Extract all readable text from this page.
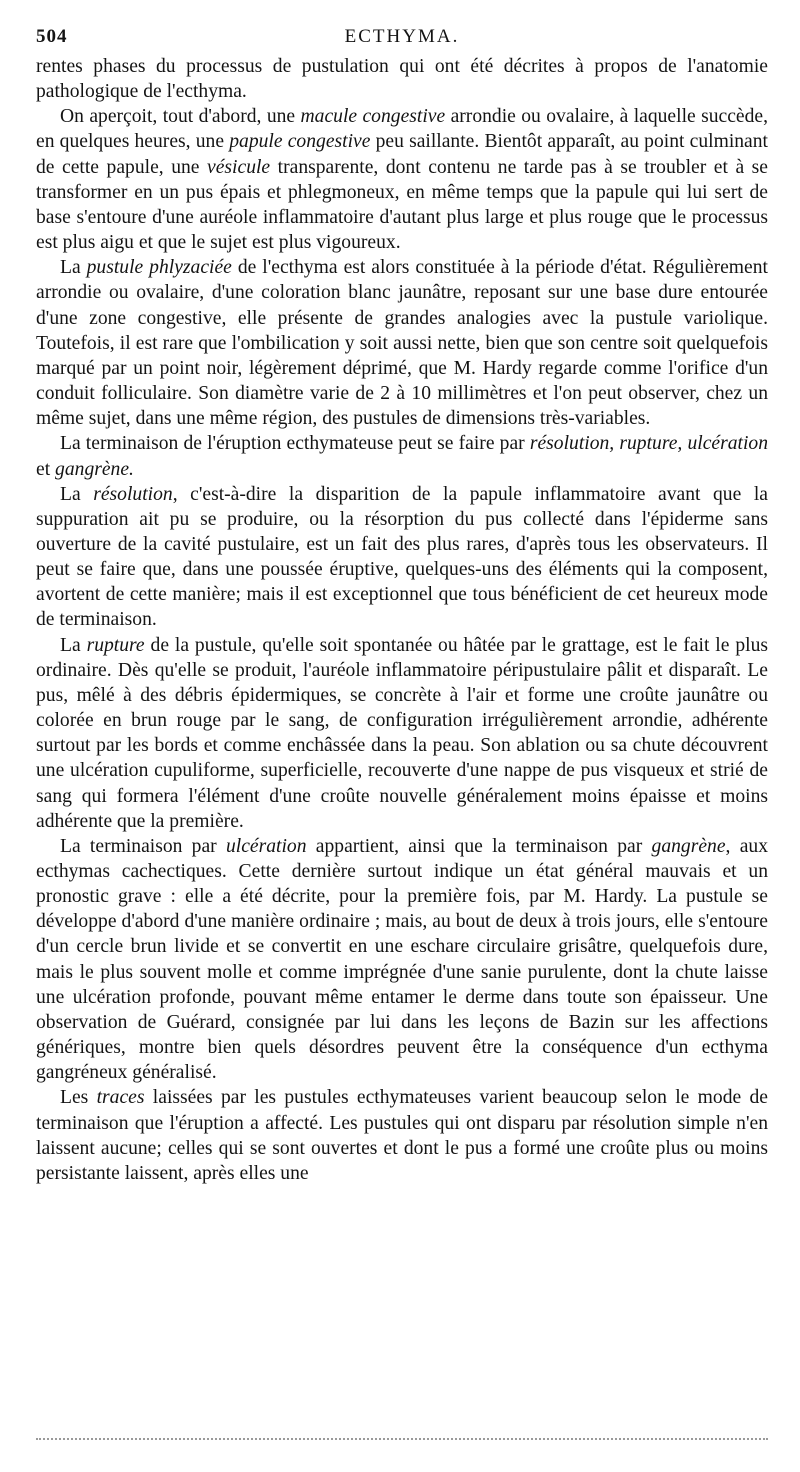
504	ECTHYMA.

rentes phases du processus de pustulation qui ont été décrites à propos de l'anatomie pathologique de l'ecthyma.

On aperçoit, tout d'abord, une macule congestive arrondie ou ovalaire, à laquelle succède, en quelques heures, une papule congestive peu saillante. Bientôt apparaît, au point culminant de cette papule, une vésicule transparente, dont contenu ne tarde pas à se troubler et à se transformer en un pus épais et phlegmoneux, en même temps que la papule qui lui sert de base s'entoure d'une auréole inflammatoire d'autant plus large et plus rouge que le processus est plus aigu et que le sujet est plus vigoureux.

La pustule phlyzaciée de l'ecthyma est alors constituée à la période d'état. Régulièrement arrondie ou ovalaire, d'une coloration blanc jaunâtre, reposant sur une base dure entourée d'une zone congestive, elle présente de grandes analogies avec la pustule variolique. Toutefois, il est rare que l'ombilication y soit aussi nette, bien que son centre soit quelquefois marqué par un point noir, légèrement déprimé, que M. Hardy regarde comme l'orifice d'un conduit folliculaire. Son diamètre varie de 2 à 10 millimètres et l'on peut observer, chez un même sujet, dans une même région, des pustules de dimensions très-variables.

La terminaison de l'éruption ecthymateuse peut se faire par résolution, rupture, ulcération et gangrène.

La résolution, c'est-à-dire la disparition de la papule inflammatoire avant que la suppuration ait pu se produire, ou la résorption du pus collecté dans l'épiderme sans ouverture de la cavité pustulaire, est un fait des plus rares, d'après tous les observateurs. Il peut se faire que, dans une poussée éruptive, quelques-uns des éléments qui la composent, avortent de cette manière; mais il est exceptionnel que tous bénéficient de cet heureux mode de terminaison.

La rupture de la pustule, qu'elle soit spontanée ou hâtée par le grattage, est le fait le plus ordinaire. Dès qu'elle se produit, l'auréole inflammatoire péripustulaire pâlit et disparaît. Le pus, mêlé à des débris épidermiques, se concrète à l'air et forme une croûte jaunâtre ou colorée en brun rouge par le sang, de configuration irrégulièrement arrondie, adhérente surtout par les bords et comme enchâssée dans la peau. Son ablation ou sa chute découvrent une ulcération cupuliforme, superficielle, recouverte d'une nappe de pus visqueux et strié de sang qui formera l'élément d'une croûte nouvelle généralement moins épaisse et moins adhérente que la première.

La terminaison par ulcération appartient, ainsi que la terminaison par gangrène, aux ecthymas cachectiques. Cette dernière surtout indique un état général mauvais et un pronostic grave : elle a été décrite, pour la première fois, par M. Hardy. La pustule se développe d'abord d'une manière ordinaire ; mais, au bout de deux à trois jours, elle s'entoure d'un cercle brun livide et se convertit en une eschare circulaire grisâtre, quelquefois dure, mais le plus souvent molle et comme imprégnée d'une sanie purulente, dont la chute laisse une ulcération profonde, pouvant même entamer le derme dans toute son épaisseur. Une observation de Guérard, consignée par lui dans les leçons de Bazin sur les affections génériques, montre bien quels désordres peuvent être la conséquence d'un ecthyma gangréneux généralisé.

Les traces laissées par les pustules ecthymateuses varient beaucoup selon le mode de terminaison que l'éruption a affecté. Les pustules qui ont disparu par résolution simple n'en laissent aucune; celles qui se sont ouvertes et dont le pus a formé une croûte plus ou moins persistante laissent, après elles une
